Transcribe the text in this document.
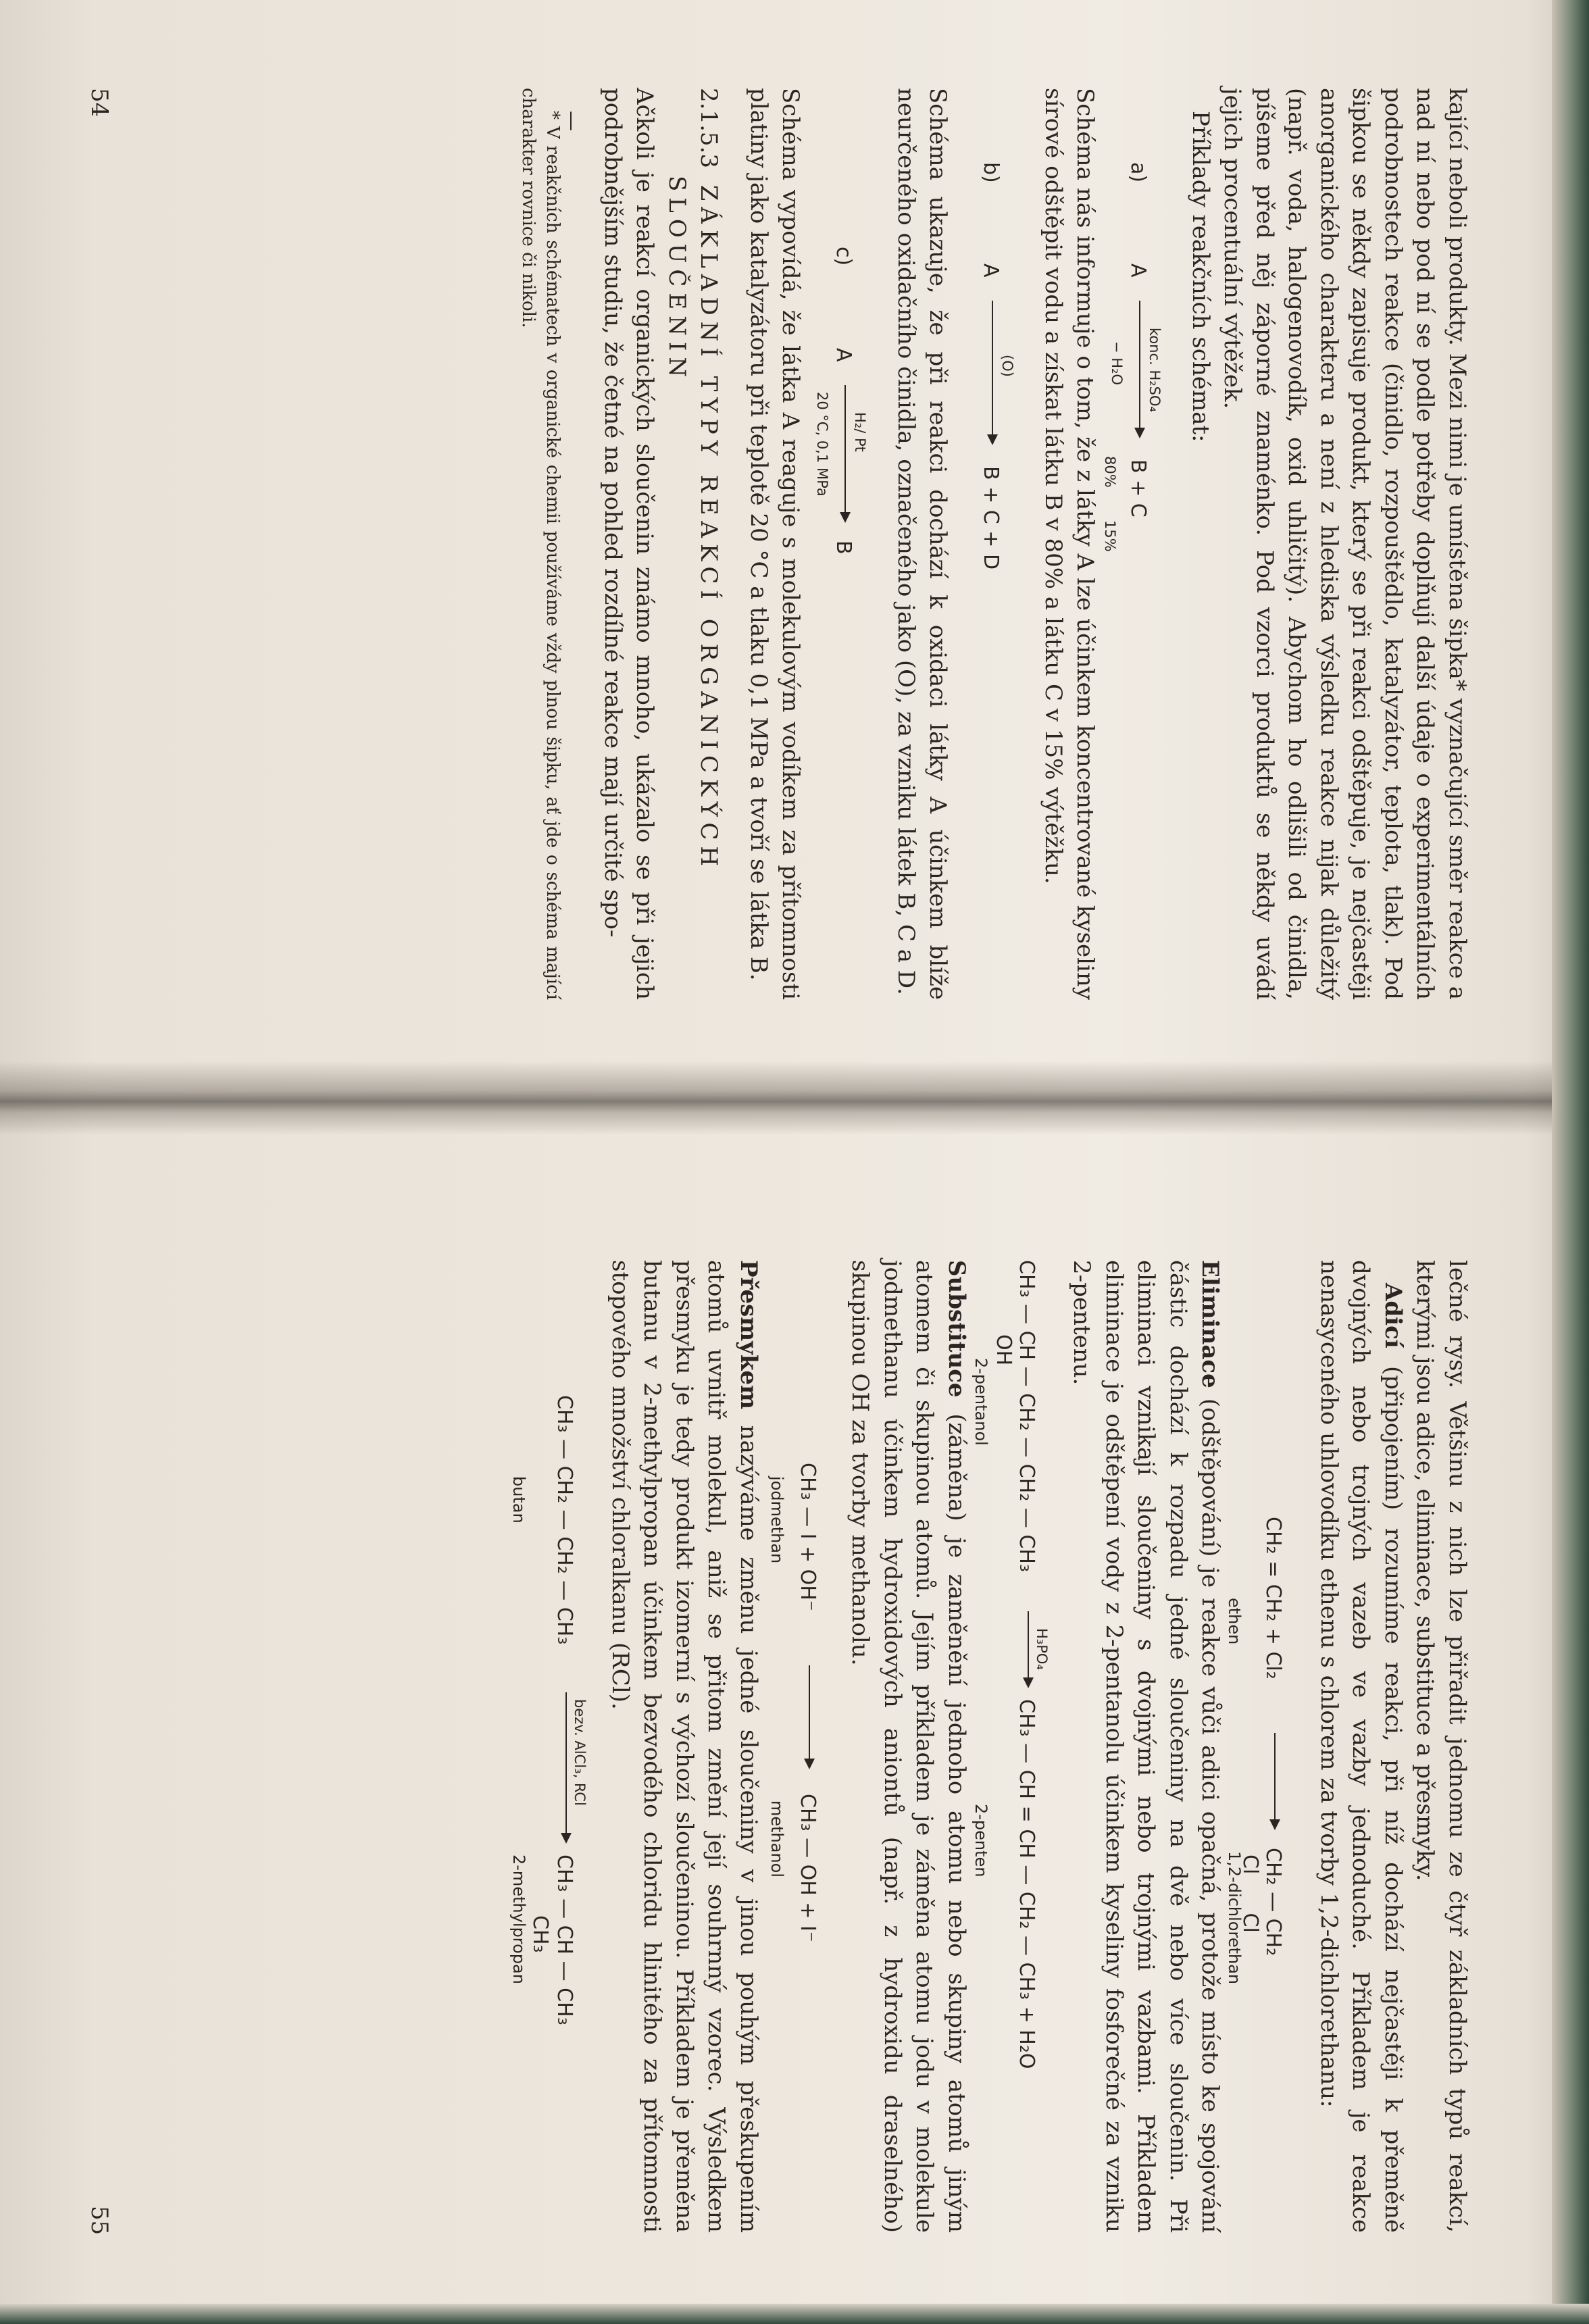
kající neboli produkty. Mezi nimi je umístěna šipka* vyznačující směr reakce a nad ní nebo pod ní se podle potřeby doplňují další údaje o experimentálních podrobnostech reakce (činidlo, rozpouštědlo, katalyzátor, teplota, tlak). Pod šipkou se někdy zapisuje produkt, který se při reakci odštěpuje, je nejčastěji anorganického charakteru a není z hlediska výsledku reakce nijak důležitý (např. voda, halogenovodík, oxid uhličitý). Abychom ho odlišili od činidla, píšeme před něj záporné znaménko. Pod vzorci produktů se někdy uvádí jejich procentuální výtěžek.

Příklady reakčních schémat:

a)
A
konc. H₂SO₄
− H₂O
B + C
80%
15%

Schéma nás informuje o tom, že z látky A lze účinkem koncentrované kyseliny sírové odštěpit vodu a získat látku B v 80% a látku C v 15% výtěžku.

b)
A
(O)
B + C + D

Schéma ukazuje, že při reakci dochází k oxidaci látky A účinkem blíže neurčeného oxidačního činidla, označeného jako (O), za vzniku látek B, C a D.

c)
A
H₂/ Pt
20 °C, 0,1 MPa
B

Schéma vypovídá, že látka A reaguje s molekulovým vodíkem za přítomnosti platiny jako katalyzátoru při teplotě 20 °C a tlaku 0,1 MPa a tvoří se látka B.

2.1.5.3 ZÁKLADNÍ TYPY REAKCÍ ORGANICKÝCH
SLOUČENIN

Ačkoli je reakcí organických sloučenin známo mnoho, ukázalo se při jejich podrobnějším studiu, že četné na pohled rozdílné reakce mají určité spo-

—

* V reakčních schématech v organické chemii používáme vždy plnou šipku, ať jde o schéma mající charakter rovnice či nikoli.

54

lečné rysy. Většinu z nich lze přiřadit jednomu ze čtyř základních typů reakcí, kterými jsou adice, eliminace, substituce a přesmyky.

Adicí (připojením) rozumíme reakci, při níž dochází nejčastěji k přeměně dvojných nebo trojných vazeb ve vazby jednoduché. Příkladem je reakce nenasyceného uhlovodíku ethenu s chlorem za tvorby 1,2-dichlorethanu:

CH₂ = CH₂ + Cl₂
CH₂ — CH₂
Cl      Cl
ethen
1,2-dichlorethan

Eliminace (odštěpování) je reakce vůči adici opačná, protože místo ke spojování částic dochází k rozpadu jedné sloučeniny na dvě nebo více sloučenin. Při eliminaci vznikají sloučeniny s dvojnými nebo trojnými vazbami. Příkladem eliminace je odštěpení vody z 2-pentanolu účinkem kyseliny fosforečné za vzniku 2-pentenu.

CH₃ — CH — CH₂ — CH₂ — CH₃
OH
H₃PO₄
CH₃ — CH = CH — CH₂ — CH₃ + H₂O
2-pentanol
2-penten

Substituce (záměna) je zaměnění jednoho atomu nebo skupiny atomů jiným atomem či skupinou atomů. Jejím příkladem je záměna atomu jodu v molekule jodmethanu účinkem hydroxidových aniontů (např. z hydroxidu draselného) skupinou OH za tvorby methanolu.

CH₃ — I + OH⁻
CH₃ — OH + I⁻
jodmethan
methanol

Přesmykem nazýváme změnu jedné sloučeniny v jinou pouhým přeskupením atomů uvnitř molekul, aniž se přitom změní její souhrnný vzorec. Výsledkem přesmyku je tedy produkt izomerní s výchozí sloučeninou. Příkladem je přeměna butanu v 2-methylpropan účinkem bezvodého chloridu hlinitého za přítomnosti stopového množství chloralkanu (RCl).

CH₃ — CH₂ — CH₂ — CH₃
bezv. AlCl₃, RCl
CH₃ — CH — CH₃
CH₃
butan
2-methylpropan
55
